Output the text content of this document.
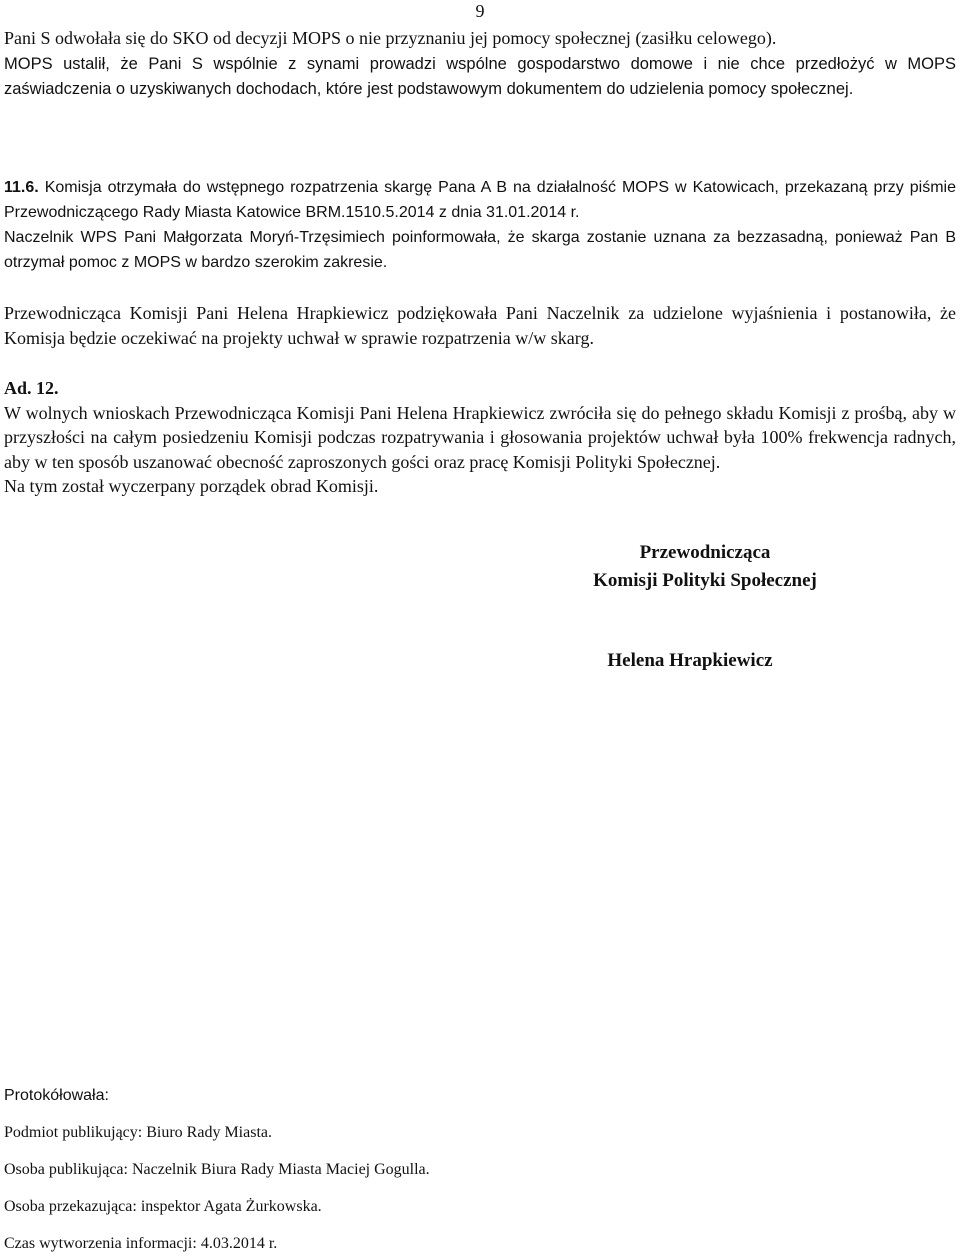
9

Pani S odwołała się do SKO od decyzji MOPS o nie przyznaniu jej pomocy społecznej (zasiłku celowego).
MOPS ustalił, że Pani S wspólnie z synami prowadzi wspólne gospodarstwo domowe i nie chce przedłożyć w MOPS zaświadczenia o uzyskiwanych dochodach, które jest podstawowym dokumentem do udzielenia pomocy społecznej.

11.6. Komisja otrzymała do wstępnego rozpatrzenia skargę Pana A B na działalność MOPS w Katowicach, przekazaną przy piśmie Przewodniczącego Rady Miasta Katowice BRM.1510.5.2014 z dnia 31.01.2014 r.

Naczelnik WPS Pani Małgorzata Moryń-Trzęsimiech poinformowała, że skarga zostanie uznana za bezzasadną, ponieważ Pan B otrzymał pomoc z MOPS w bardzo szerokim zakresie.

Przewodnicząca Komisji Pani Helena Hrapkiewicz podziękowała Pani Naczelnik za udzielone wyjaśnienia i postanowiła, że Komisja będzie oczekiwać na projekty uchwał w sprawie rozpatrzenia w/w skarg.

Ad. 12.
W wolnych wnioskach Przewodnicząca Komisji Pani Helena Hrapkiewicz zwróciła się do pełnego składu Komisji z prośbą, aby w przyszłości na całym posiedzeniu Komisji podczas rozpatrywania i głosowania projektów uchwał była 100% frekwencja radnych, aby w ten sposób uszanować obecność zaproszonych gości oraz pracę Komisji Polityki Społecznej.
Na tym został wyczerpany porządek obrad Komisji.

Przewodnicząca
Komisji Polityki Społecznej
Helena Hrapkiewicz

Protokółowała:

Podmiot publikujący: Biuro Rady Miasta.

Osoba publikująca: Naczelnik Biura Rady Miasta Maciej Gogulla.

Osoba przekazująca: inspektor Agata Żurkowska.

Czas wytworzenia informacji: 4.03.2014 r.
